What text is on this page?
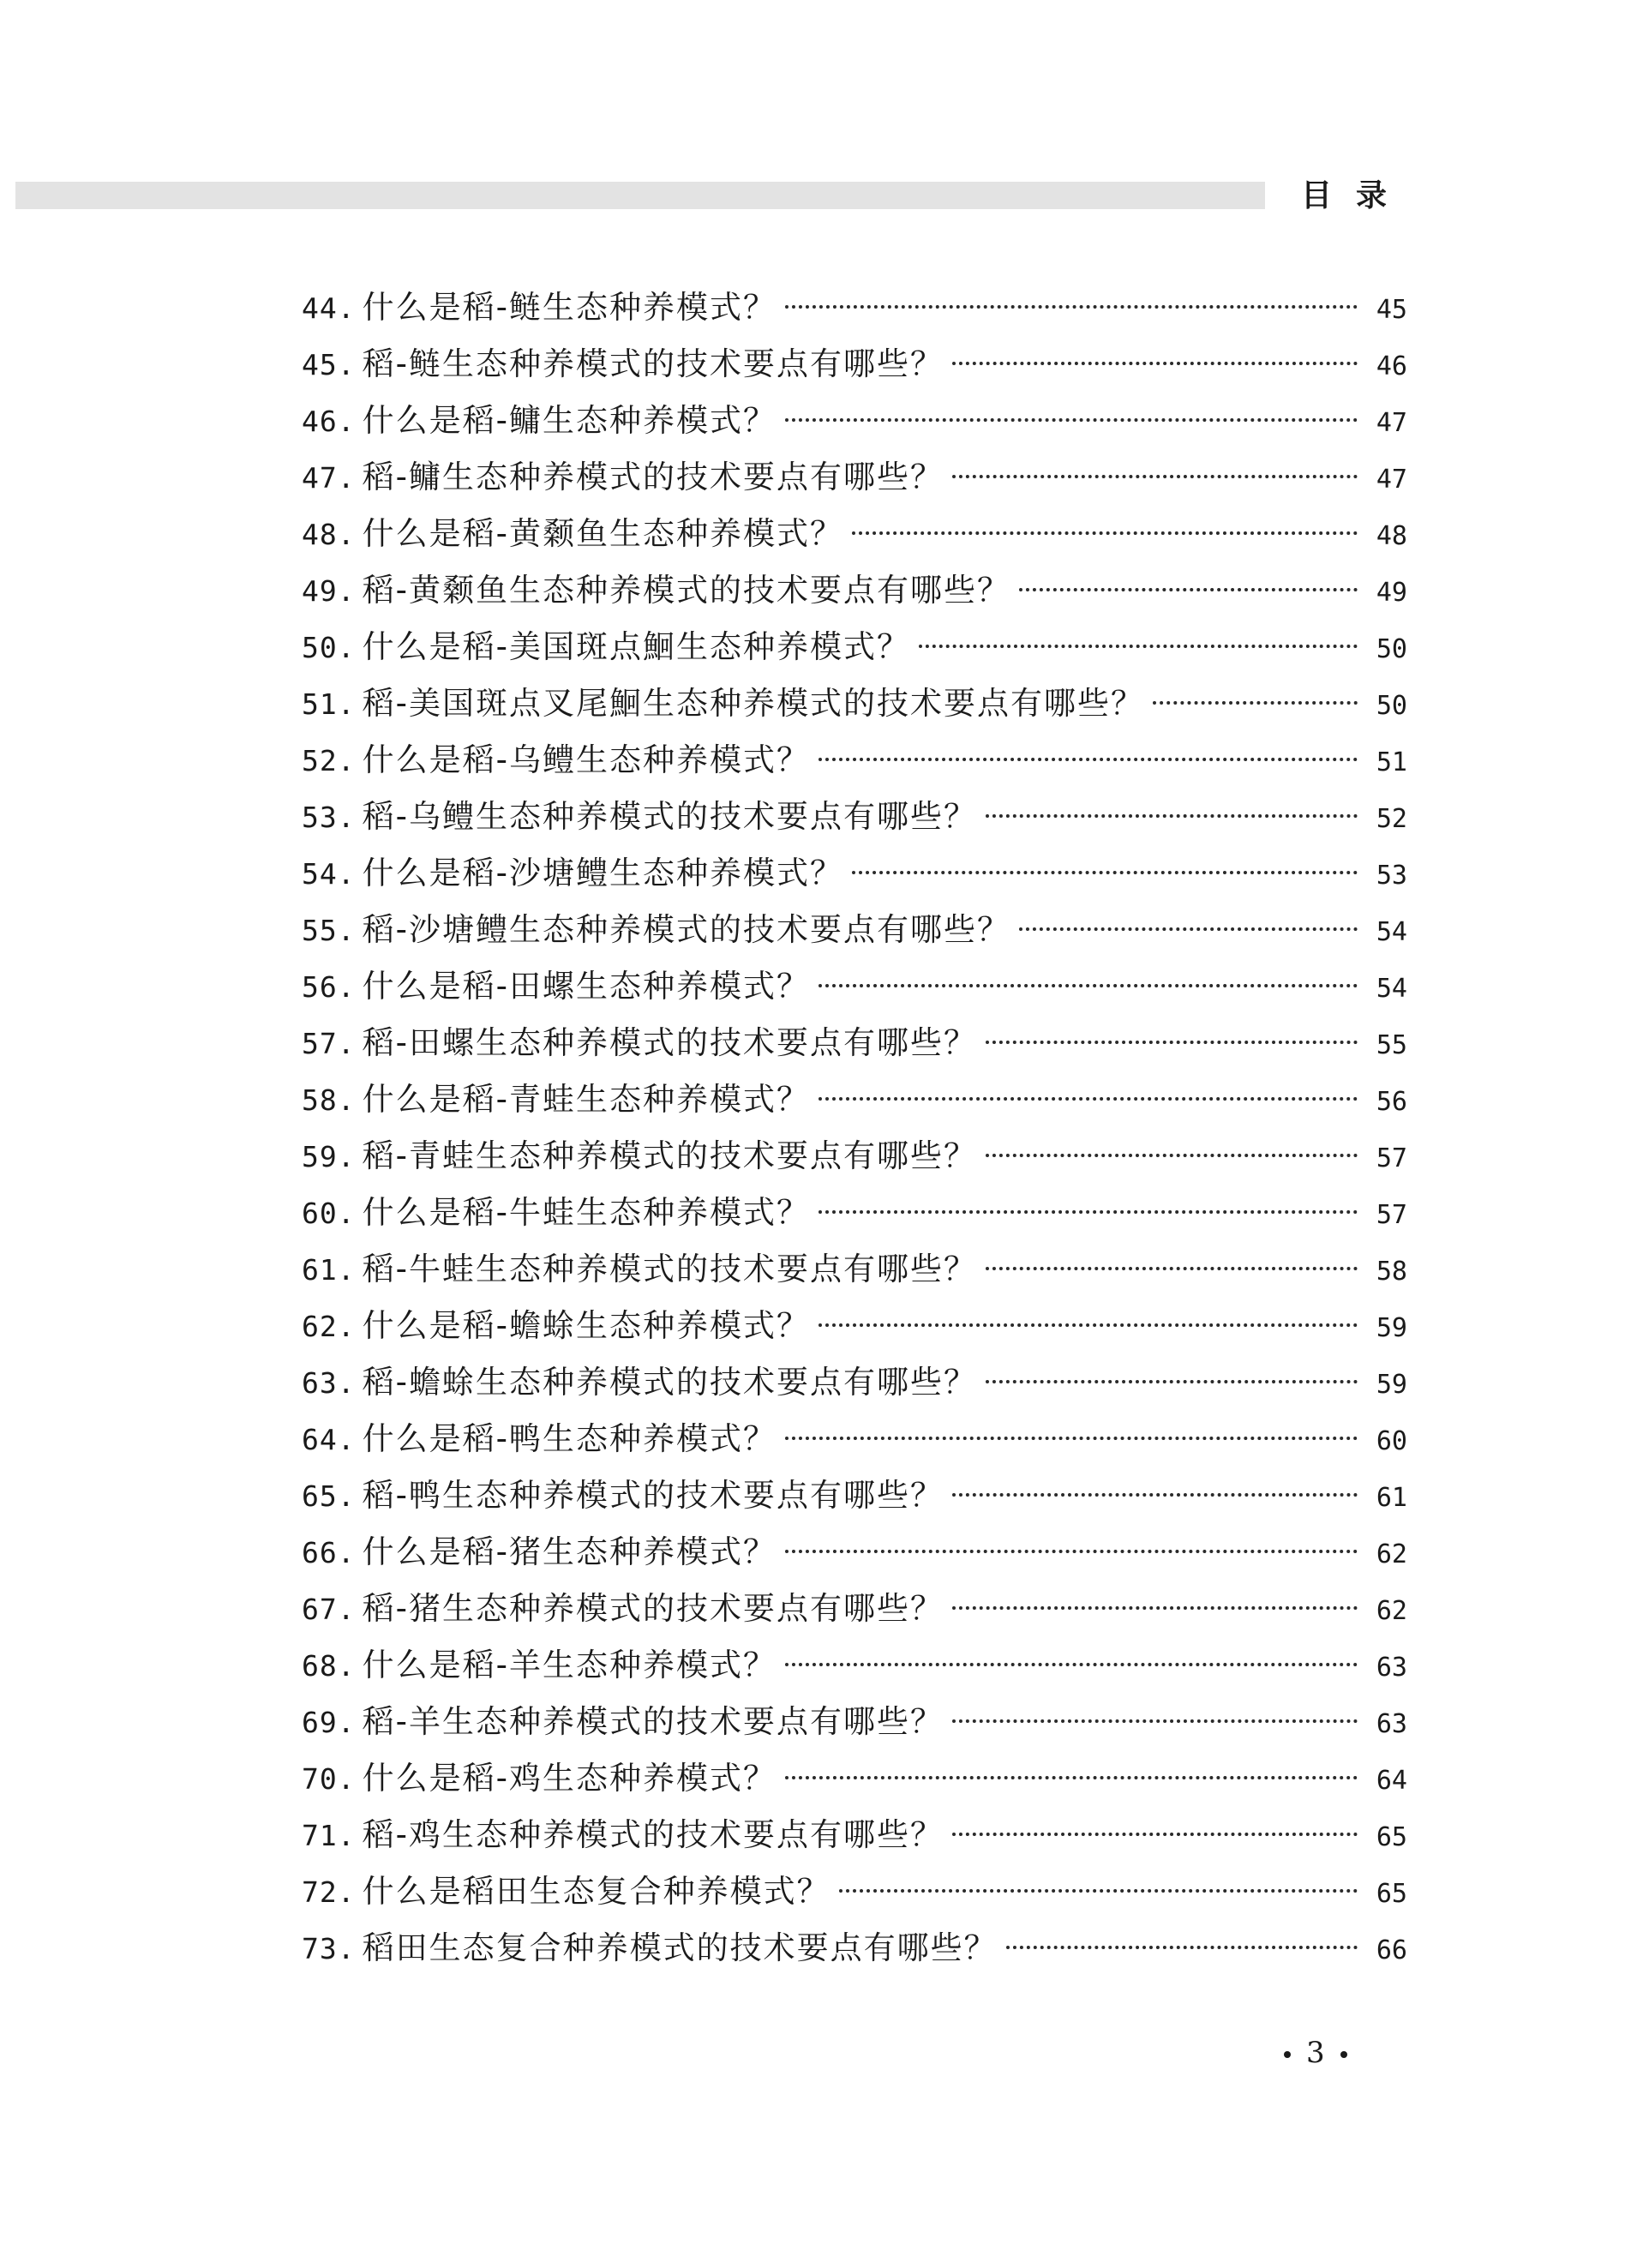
目录
44. 什么是稻-鲢生态种养模式？	45
45. 稻-鲢生态种养模式的技术要点有哪些？	46
46. 什么是稻-鳙生态种养模式？	47
47. 稻-鳙生态种养模式的技术要点有哪些？	47
48. 什么是稻-黄颡鱼生态种养模式？	48
49. 稻-黄颡鱼生态种养模式的技术要点有哪些？	49
50. 什么是稻-美国斑点鮰生态种养模式？	50
51. 稻-美国斑点叉尾鮰生态种养模式的技术要点有哪些？	50
52. 什么是稻-乌鳢生态种养模式？	51
53. 稻-乌鳢生态种养模式的技术要点有哪些？	52
54. 什么是稻-沙塘鳢生态种养模式？	53
55. 稻-沙塘鳢生态种养模式的技术要点有哪些？	54
56. 什么是稻-田螺生态种养模式？	54
57. 稻-田螺生态种养模式的技术要点有哪些？	55
58. 什么是稻-青蛙生态种养模式？	56
59. 稻-青蛙生态种养模式的技术要点有哪些？	57
60. 什么是稻-牛蛙生态种养模式？	57
61. 稻-牛蛙生态种养模式的技术要点有哪些？	58
62. 什么是稻-蟾蜍生态种养模式？	59
63. 稻-蟾蜍生态种养模式的技术要点有哪些？	59
64. 什么是稻-鸭生态种养模式？	60
65. 稻-鸭生态种养模式的技术要点有哪些？	61
66. 什么是稻-猪生态种养模式？	62
67. 稻-猪生态种养模式的技术要点有哪些？	62
68. 什么是稻-羊生态种养模式？	63
69. 稻-羊生态种养模式的技术要点有哪些？	63
70. 什么是稻-鸡生态种养模式？	64
71. 稻-鸡生态种养模式的技术要点有哪些？	65
72. 什么是稻田生态复合种养模式？	65
73. 稻田生态复合种养模式的技术要点有哪些？	66
3
